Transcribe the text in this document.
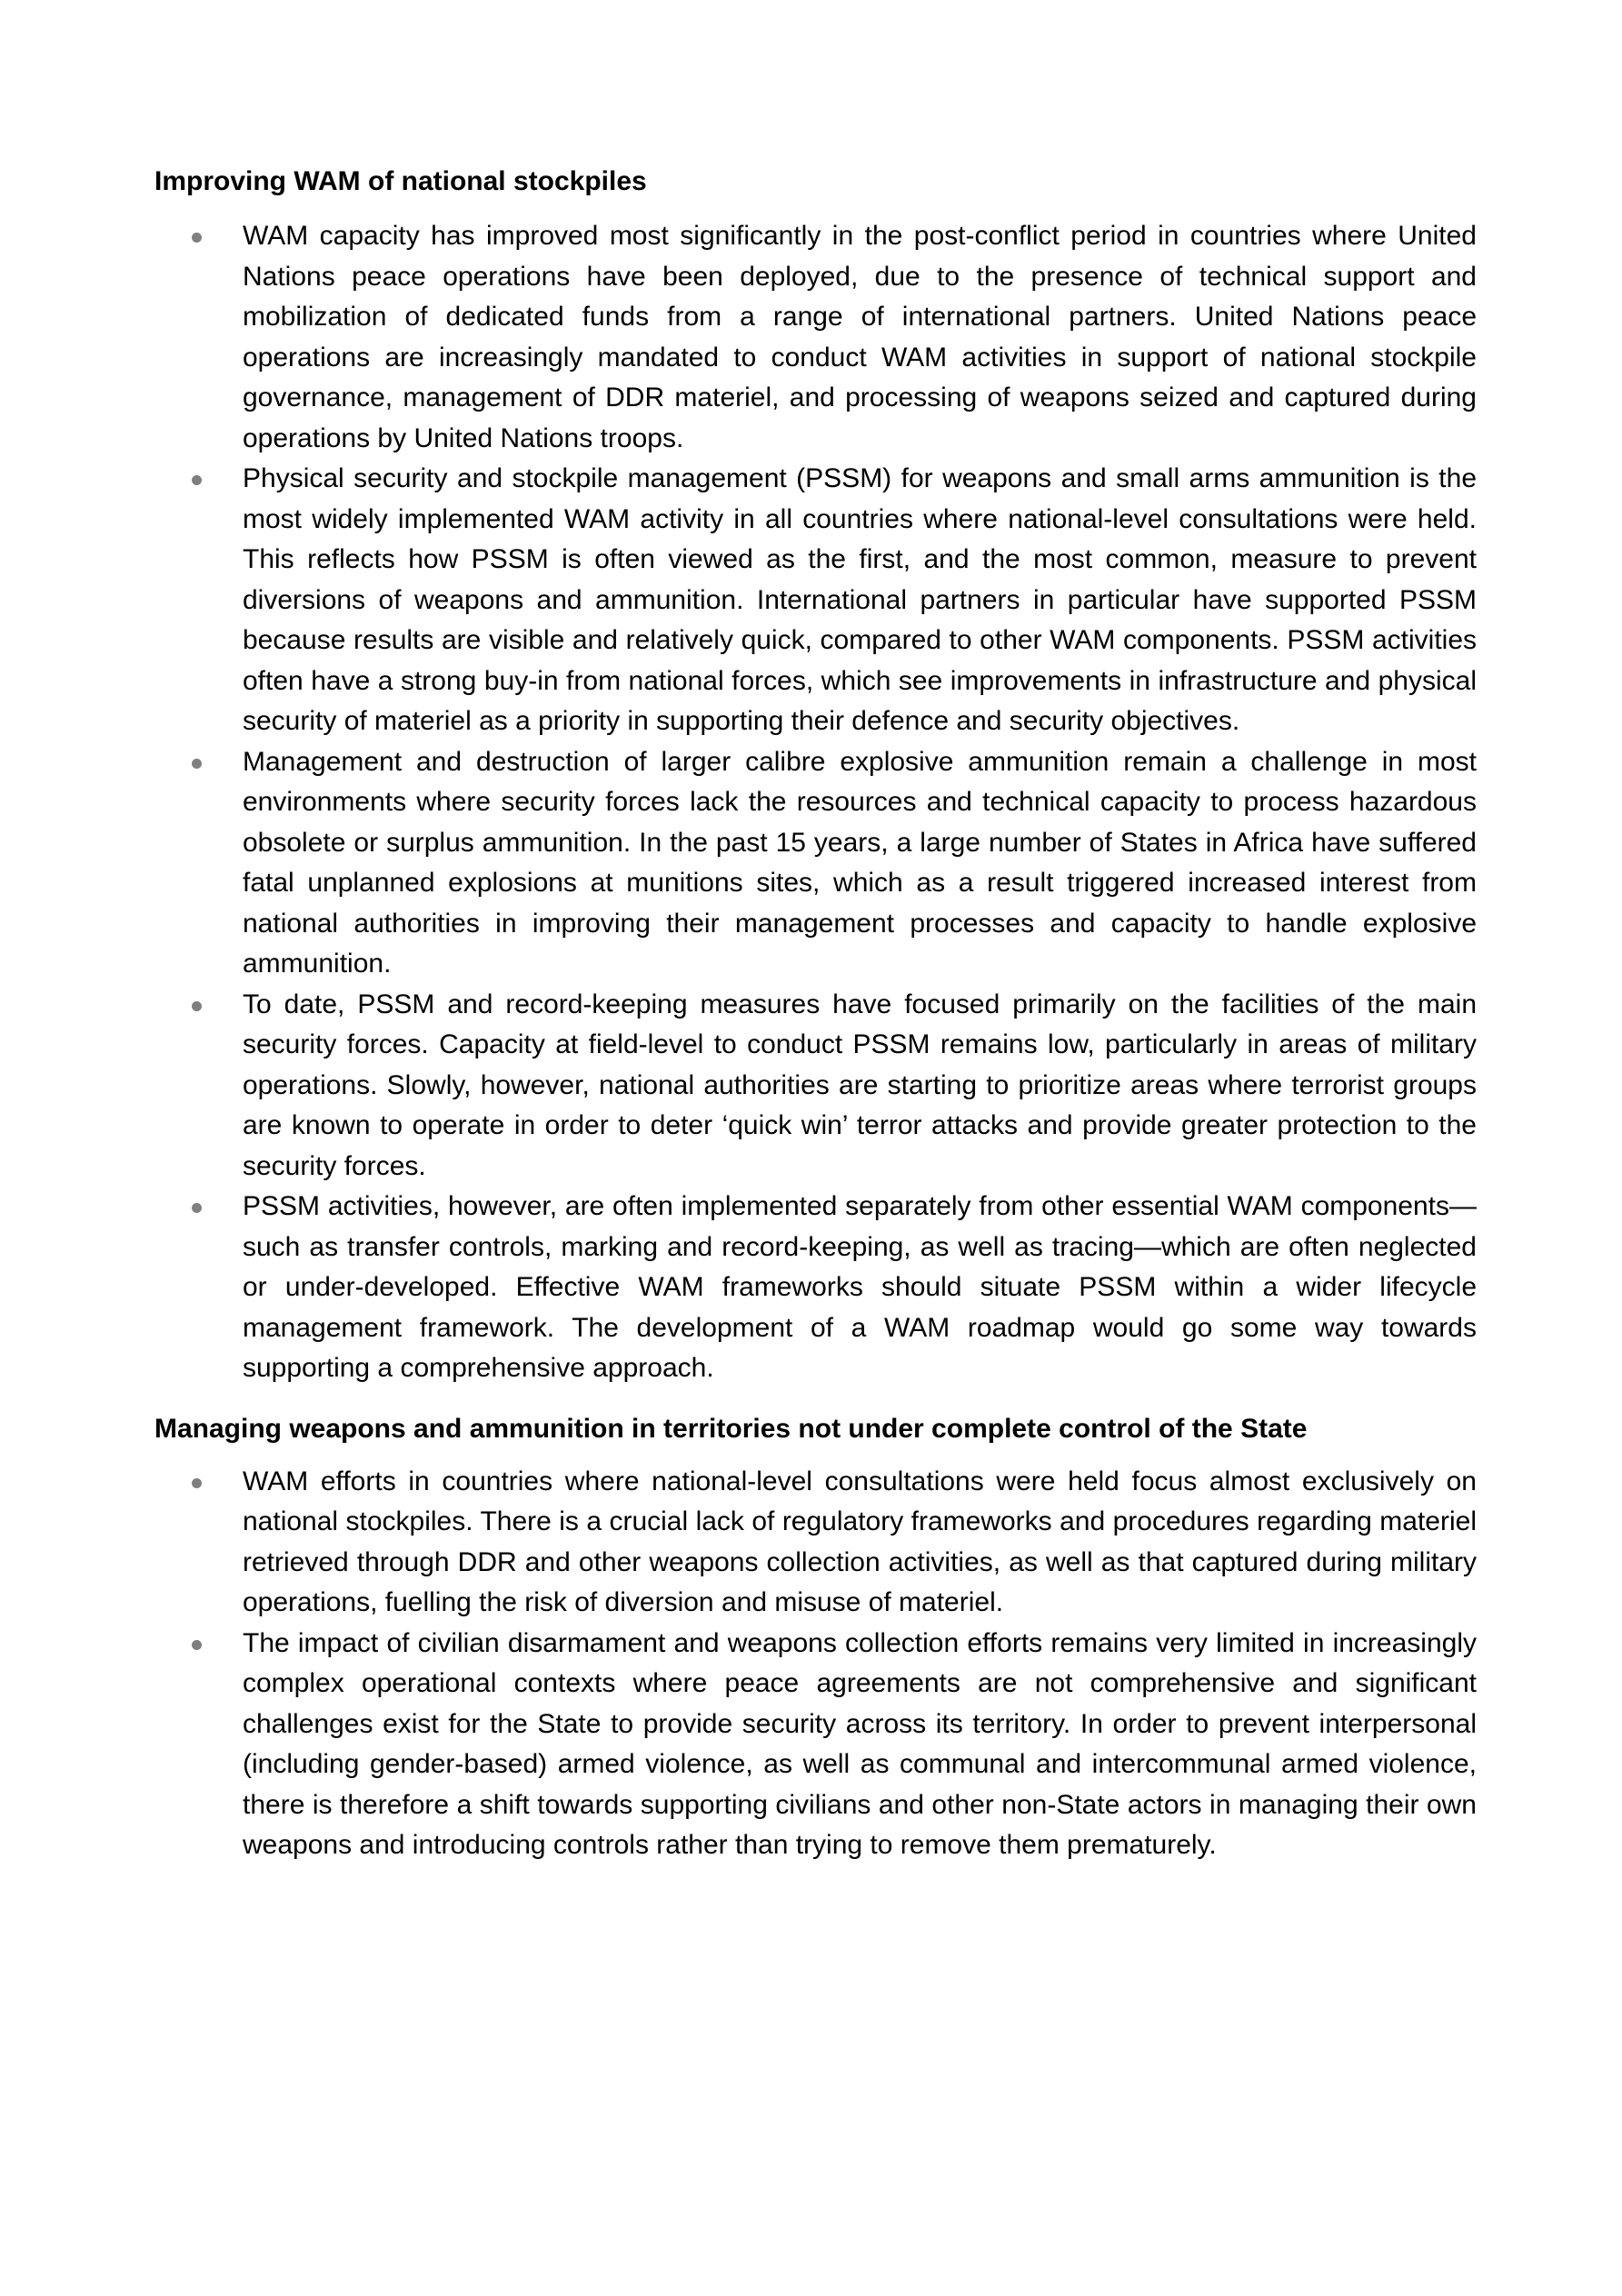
Improving WAM of national stockpiles
WAM capacity has improved most significantly in the post-conflict period in countries where United Nations peace operations have been deployed, due to the presence of technical support and mobilization of dedicated funds from a range of international partners. United Nations peace operations are increasingly mandated to conduct WAM activities in support of national stockpile governance, management of DDR materiel, and processing of weapons seized and captured during operations by United Nations troops.
Physical security and stockpile management (PSSM) for weapons and small arms ammunition is the most widely implemented WAM activity in all countries where national-level consultations were held. This reflects how PSSM is often viewed as the first, and the most common, measure to prevent diversions of weapons and ammunition. International partners in particular have supported PSSM because results are visible and relatively quick, compared to other WAM components. PSSM activities often have a strong buy-in from national forces, which see improvements in infrastructure and physical security of materiel as a priority in supporting their defence and security objectives.
Management and destruction of larger calibre explosive ammunition remain a challenge in most environments where security forces lack the resources and technical capacity to process hazardous obsolete or surplus ammunition. In the past 15 years, a large number of States in Africa have suffered fatal unplanned explosions at munitions sites, which as a result triggered increased interest from national authorities in improving their management processes and capacity to handle explosive ammunition.
To date, PSSM and record-keeping measures have focused primarily on the facilities of the main security forces. Capacity at field-level to conduct PSSM remains low, particularly in areas of military operations. Slowly, however, national authorities are starting to prioritize areas where terrorist groups are known to operate in order to deter ‘quick win’ terror attacks and provide greater protection to the security forces.
PSSM activities, however, are often implemented separately from other essential WAM components—such as transfer controls, marking and record-keeping, as well as tracing—which are often neglected or under-developed. Effective WAM frameworks should situate PSSM within a wider lifecycle management framework. The development of a WAM roadmap would go some way towards supporting a comprehensive approach.
Managing weapons and ammunition in territories not under complete control of the State
WAM efforts in countries where national-level consultations were held focus almost exclusively on national stockpiles. There is a crucial lack of regulatory frameworks and procedures regarding materiel retrieved through DDR and other weapons collection activities, as well as that captured during military operations, fuelling the risk of diversion and misuse of materiel.
The impact of civilian disarmament and weapons collection efforts remains very limited in increasingly complex operational contexts where peace agreements are not comprehensive and significant challenges exist for the State to provide security across its territory. In order to prevent interpersonal (including gender-based) armed violence, as well as communal and intercommunal armed violence, there is therefore a shift towards supporting civilians and other non-State actors in managing their own weapons and introducing controls rather than trying to remove them prematurely.
